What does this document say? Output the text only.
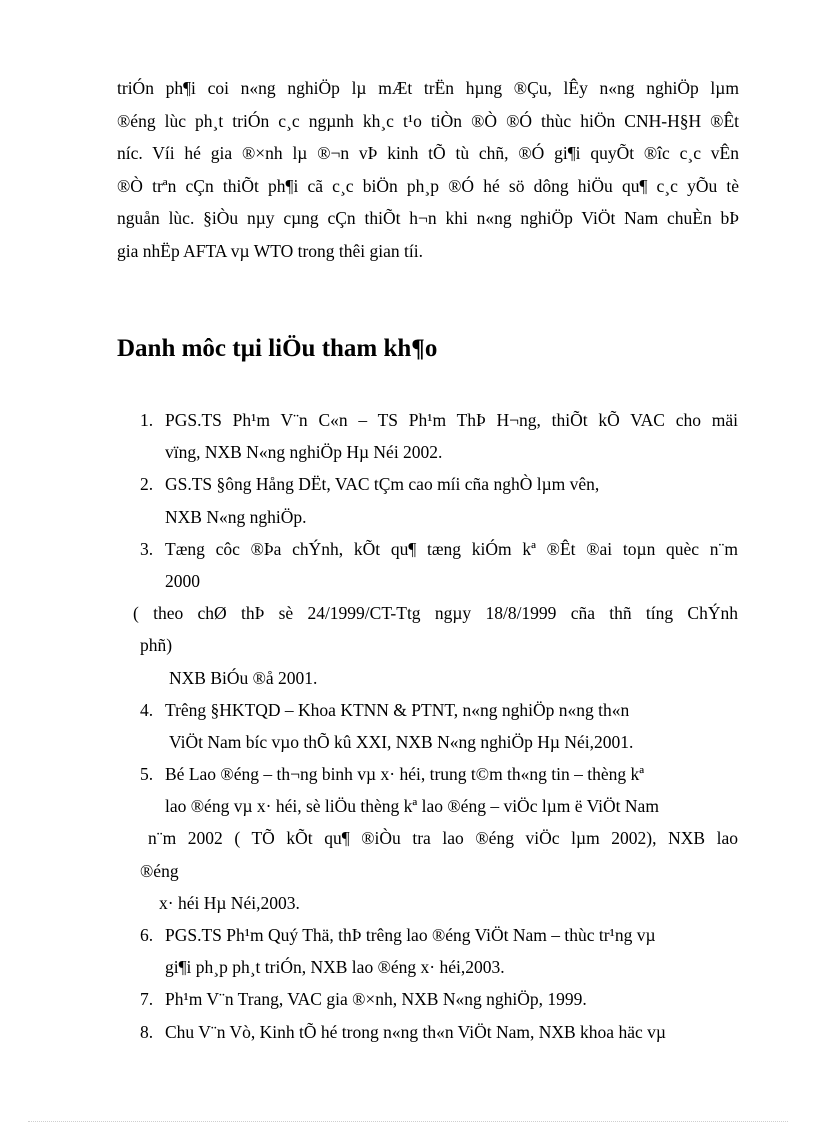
triÓn ph¶i coi n«ng nghiÖp lµ mÆt trËn hµng ®Çu, lÊy n«ng nghiÖp lµm
®éng lùc ph¸t triÓn c¸c ngµnh kh¸c t¹o tiÒn ®Ò ®Ó thùc hiÖn CNH-H§H ®Êt
níc. Víi hé gia ®×nh lµ ®¬n vÞ kinh tÕ tù chñ, ®Ó gi¶i quyÕt ®îc c¸c vÊn
®Ò trªn cÇn thiÕt ph¶i cã c¸c biÖn ph¸p ®Ó hé sö dông hiÖu qu¶ c¸c yÕu tè
nguån lùc. §iÒu nµy cµng cÇn thiÕt h¬n khi n«ng nghiÖp ViÖt Nam chuÈn bÞ
gia nhËp AFTA vµ WTO trong thêi gian tíi.
Danh môc tµi liÖu tham kh¶o
1. PGS.TS Ph¹m V¨n C«n – TS Ph¹m ThÞ H¬ng, thiÕt kÕ VAC cho mäi
vïng, NXB N«ng nghiÖp Hµ Néi 2002.
2. GS.TS §ông Hång DËt, VAC tÇm cao míi cña nghÒ lµm vên,
NXB N«ng nghiÖp.
3. Tæng côc ®Þa chÝnh, kÕt qu¶ tæng kiÓm kª ®Êt ®ai toµn quèc n¨m
2000
( theo chØ thÞ sè 24/1999/CT-Ttg ngµy 18/8/1999 cña thñ tíng ChÝnh
phñ)
NXB BiÓu ®å 2001.
4. Trêng §HKTQD – Khoa KTNN & PTNT, n«ng nghiÖp n«ng th«n
ViÖt Nam bíc vµo thÕ kû XXI, NXB N«ng nghiÖp Hµ Néi,2001.
5. Bé Lao ®éng – th¬ng binh vµ x· héi, trung t©m th«ng tin – thèng kª
lao ®éng vµ x· héi, sè liÖu thèng kª lao ®éng – viÖc lµm ë ViÖt Nam
n¨m 2002 ( TÕ kÕt qu¶ ®iÒu tra lao ®éng viÖc lµm 2002), NXB lao
®éng
x· héi Hµ Néi,2003.
6. PGS.TS Ph¹m Quý Thä, thÞ trêng lao ®éng ViÖt Nam – thùc tr¹ng vµ
gi¶i ph¸p ph¸t triÓn, NXB lao ®éng x· héi,2003.
7. Ph¹m V¨n Trang, VAC gia ®×nh, NXB N«ng nghiÖp, 1999.
8. Chu V¨n Vò, Kinh tÕ hé trong n«ng th«n ViÖt Nam, NXB khoa häc vµ
